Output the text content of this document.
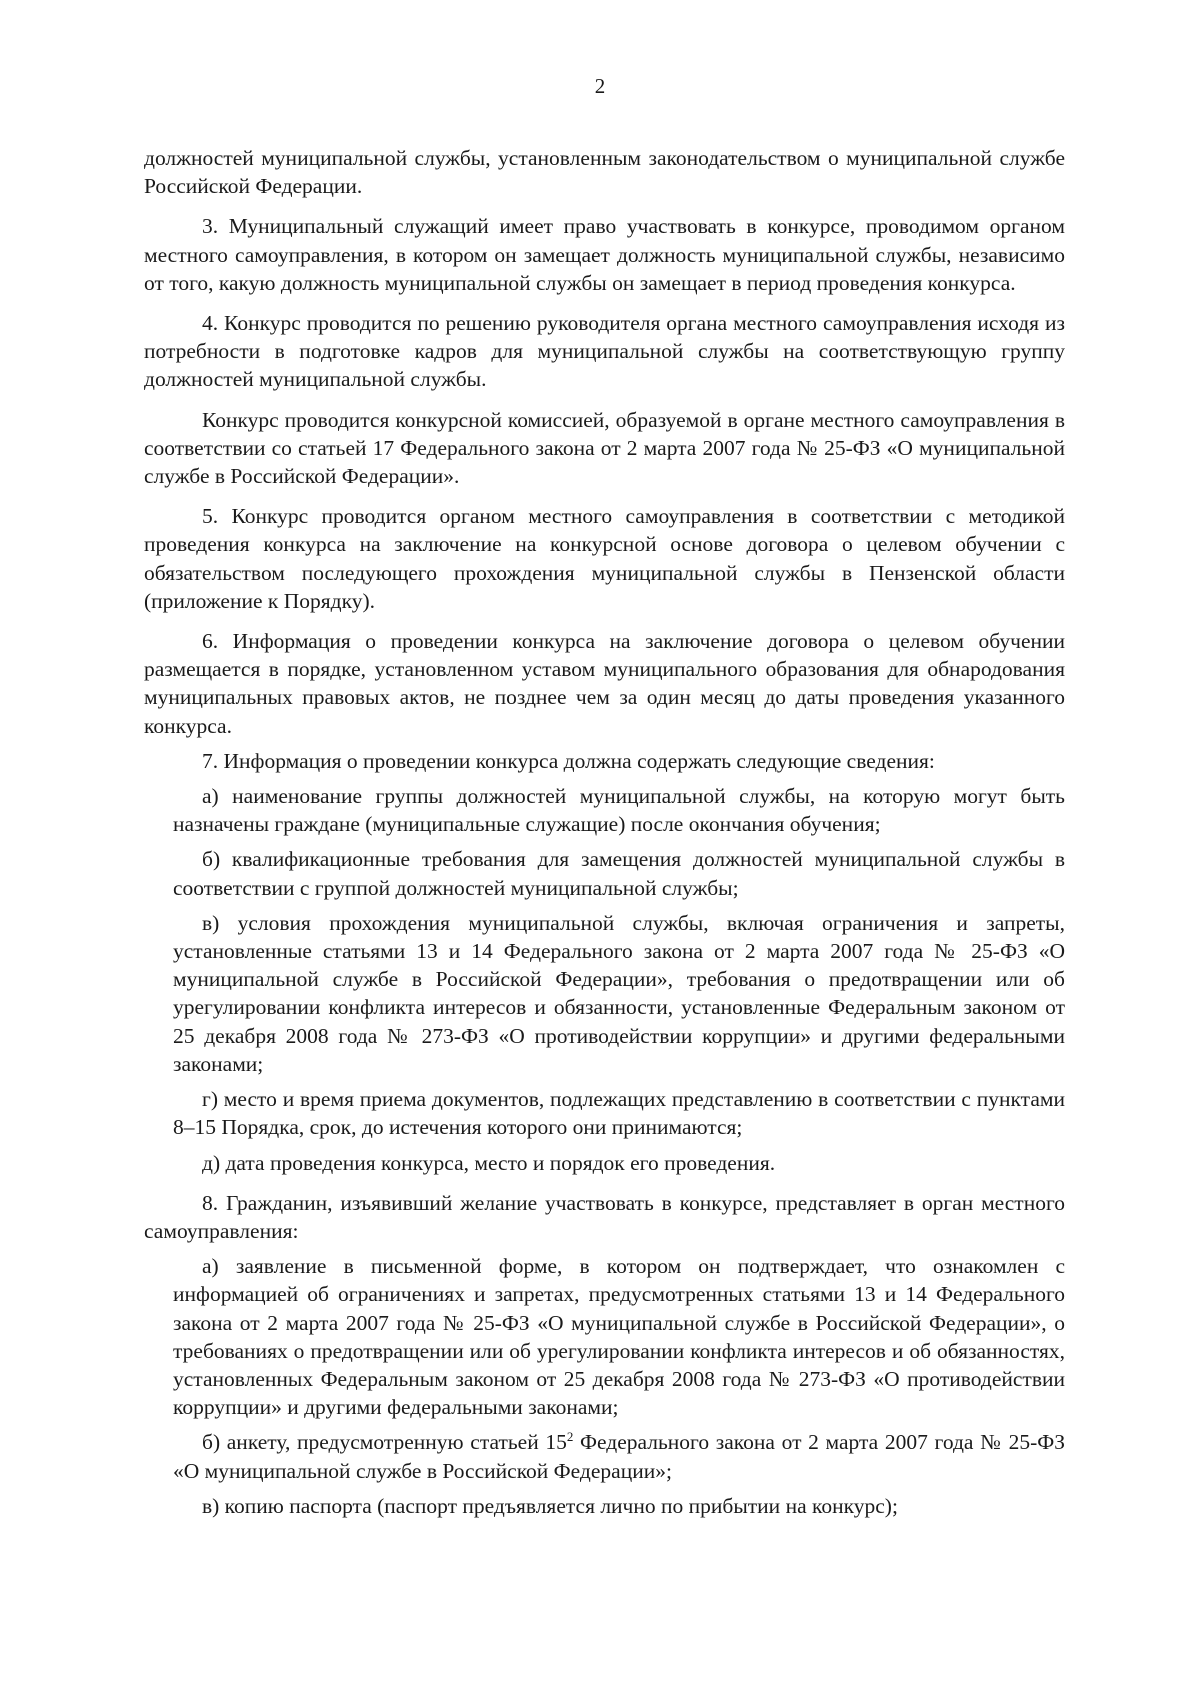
2

должностей муниципальной службы, установленным законодательством о муниципальной службе Российской Федерации.

3. Муниципальный служащий имеет право участвовать в конкурсе, проводимом органом местного самоуправления, в котором он замещает должность муниципальной службы, независимо от того, какую должность муниципальной службы он замещает в период проведения конкурса.

4. Конкурс проводится по решению руководителя органа местного самоуправления исходя из потребности в подготовке кадров для муниципальной службы на соответствующую группу должностей муниципальной службы.

Конкурс проводится конкурсной комиссией, образуемой в органе местного самоуправления в соответствии со статьей 17 Федерального закона от 2 марта 2007 года № 25-ФЗ «О муниципальной службе в Российской Федерации».

5. Конкурс проводится органом местного самоуправления в соответствии с методикой проведения конкурса на заключение на конкурсной основе договора о целевом обучении с обязательством последующего прохождения муниципальной службы в Пензенской области (приложение к Порядку).

6. Информация о проведении конкурса на заключение договора о целевом обучении размещается в порядке, установленном уставом муниципального образования для обнародования муниципальных правовых актов, не позднее чем за один месяц до даты проведения указанного конкурса.

7. Информация о проведении конкурса должна содержать следующие сведения:

а) наименование группы должностей муниципальной службы, на которую могут быть назначены граждане (муниципальные служащие) после окончания обучения;

б) квалификационные требования для замещения должностей муниципальной службы в соответствии с группой должностей муниципальной службы;

в) условия прохождения муниципальной службы, включая ограничения и запреты, установленные статьями 13 и 14 Федерального закона от 2 марта 2007 года № 25-ФЗ «О муниципальной службе в Российской Федерации», требования о предотвращении или об урегулировании конфликта интересов и обязанности, установленные Федеральным законом от 25 декабря 2008 года № 273-ФЗ «О противодействии коррупции» и другими федеральными законами;

г) место и время приема документов, подлежащих представлению в соответствии с пунктами 8–15 Порядка, срок, до истечения которого они принимаются;

д) дата проведения конкурса, место и порядок его проведения.

8. Гражданин, изъявивший желание участвовать в конкурсе, представляет в орган местного самоуправления:

а) заявление в письменной форме, в котором он подтверждает, что ознакомлен с информацией об ограничениях и запретах, предусмотренных статьями 13 и 14 Федерального закона от 2 марта 2007 года № 25-ФЗ «О муниципальной службе в Российской Федерации», о требованиях о предотвращении или об урегулировании конфликта интересов и об обязанностях, установленных Федеральным законом от 25 декабря 2008 года № 273-ФЗ «О противодействии коррупции» и другими федеральными законами;

б) анкету, предусмотренную статьей $15^2$ Федерального закона от 2 марта 2007 года № 25-ФЗ «О муниципальной службе в Российской Федерации»;

в) копию паспорта (паспорт предъявляется лично по прибытии на конкурс);
